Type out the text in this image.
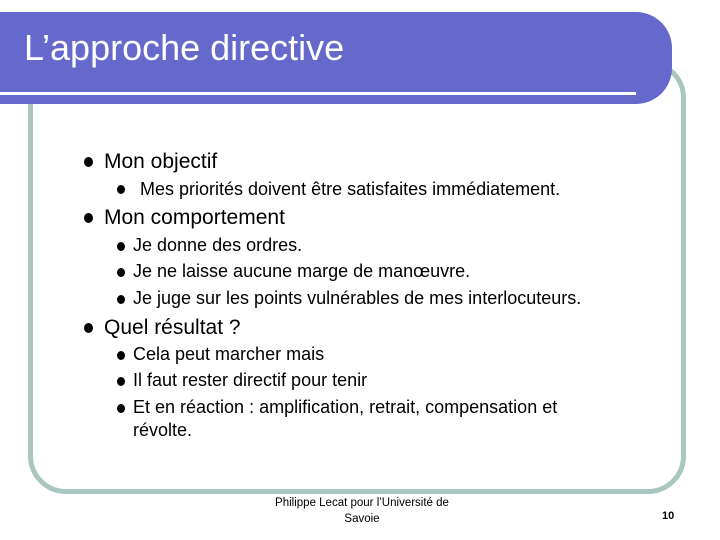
L’approche directive
Mon objectif
Mes priorités doivent être satisfaites immédiatement.
Mon comportement
Je donne des ordres.
Je ne laisse aucune marge de manœuvre.
Je juge sur les points vulnérables de mes interlocuteurs.
Quel résultat ?
Cela peut marcher mais
Il faut rester directif pour tenir
Et en réaction : amplification, retrait, compensation et
révolte.
Philippe Lecat pour l’Université de
Savoie	10
